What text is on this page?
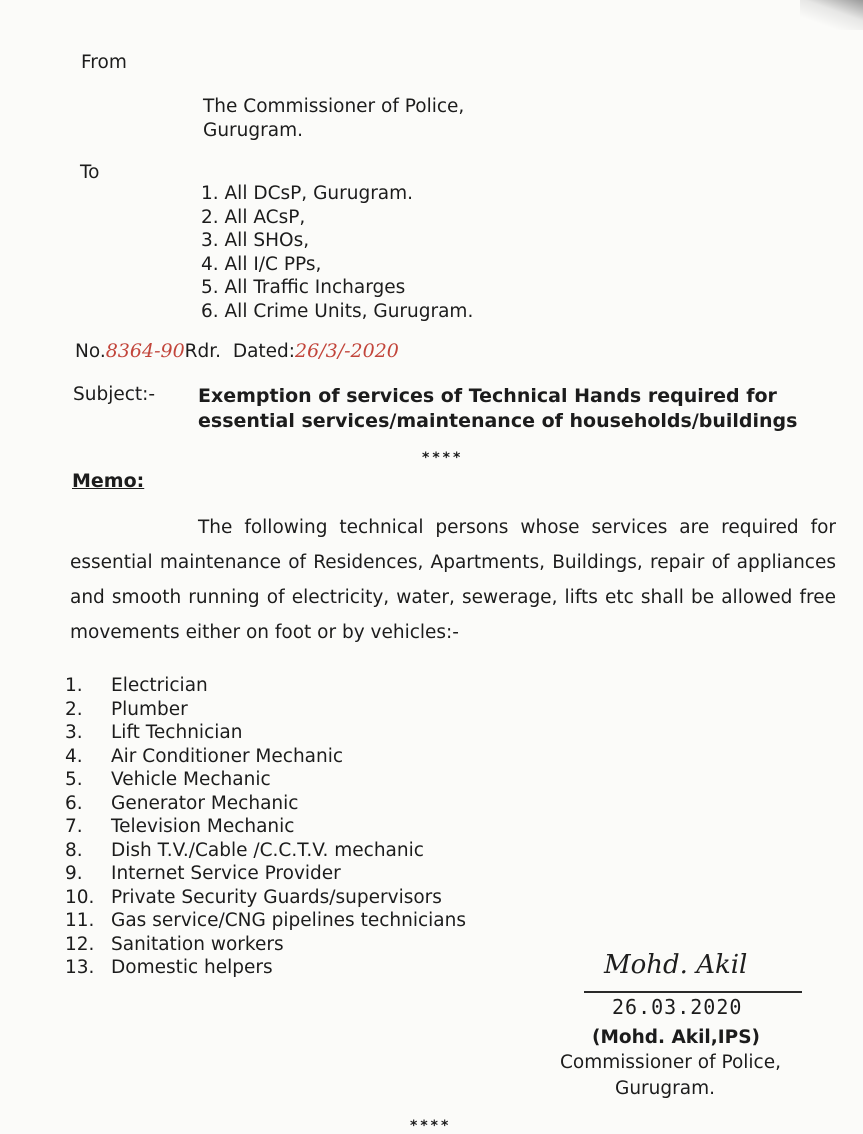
From
The Commissioner of Police,
Gurugram.
To
1. All DCsP, Gurugram.
2. All ACsP,
3. All SHOs,
4. All I/C PPs,
5. All Traffic Incharges
6. All Crime Units, Gurugram.
No.8364-90Rdr. Dated:26/3/-2020
Subject:- Exemption of services of Technical Hands required for
essential services/maintenance of households/buildings
****
Memo:
The following technical persons whose services are required for essential maintenance of Residences, Apartments, Buildings, repair of appliances and smooth running of electricity, water, sewerage, lifts etc shall be allowed free movements either on foot or by vehicles:-
1.	Electrician
2.	Plumber
3.	Lift Technician
4.	Air Conditioner Mechanic
5.	Vehicle Mechanic
6.	Generator Mechanic
7.	Television Mechanic
8.	Dish T.V./Cable /C.C.T.V. mechanic
9.	Internet Service Provider
10. Private Security Guards/supervisors
11. Gas service/CNG pipelines technicians
12. Sanitation workers
13. Domestic helpers	Mohd. Akil
26.03.2020
(Mohd. Akil,IPS)
Commissioner of Police,
Gurugram.
****
